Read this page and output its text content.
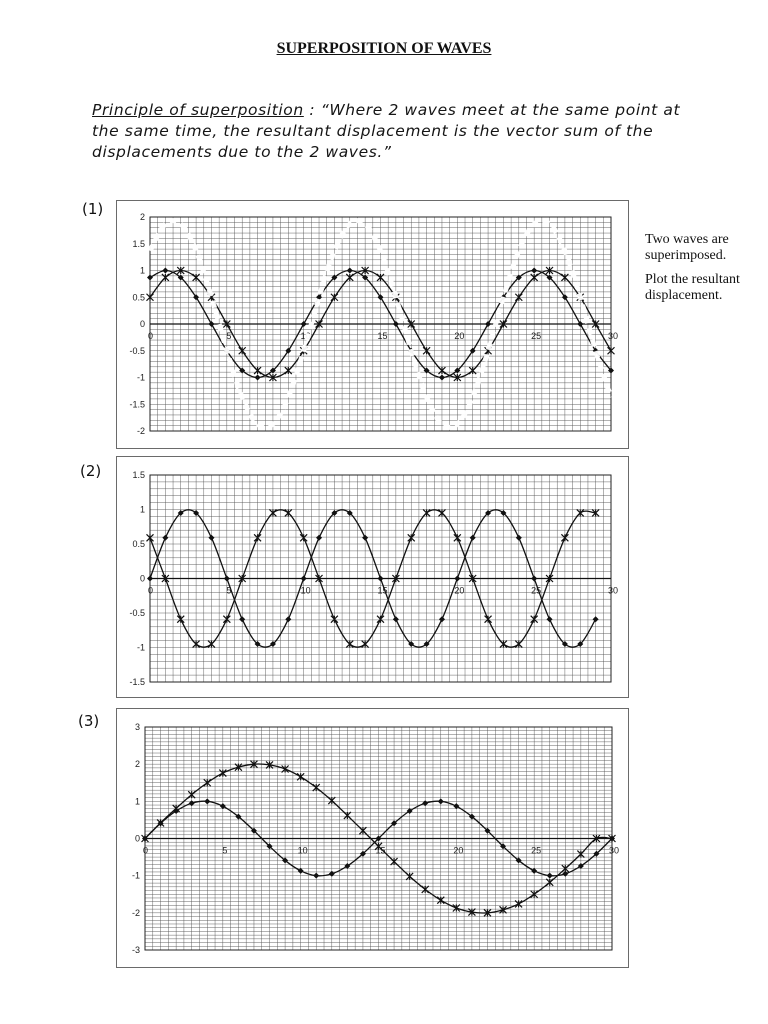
SUPERPOSITION OF WAVES
Principle of superposition : “Where 2 waves meet at the same point at the same time, the resultant displacement is the vector sum of the displacements due to the 2 waves.”
(1)
(2)
(3)
Two waves are superimposed.
Plot the resultant displacement.
-2
-1.5
-1
-0.5
0
0.5
1
1.5
2
0	5	10	15	20	25	30
-1.5
-1
-0.5
0
0.5
1
1.5
0	5	10	15	20	25	30
-3
-2
-1
0
1
2
3
0	5	10	15	20	25	30
